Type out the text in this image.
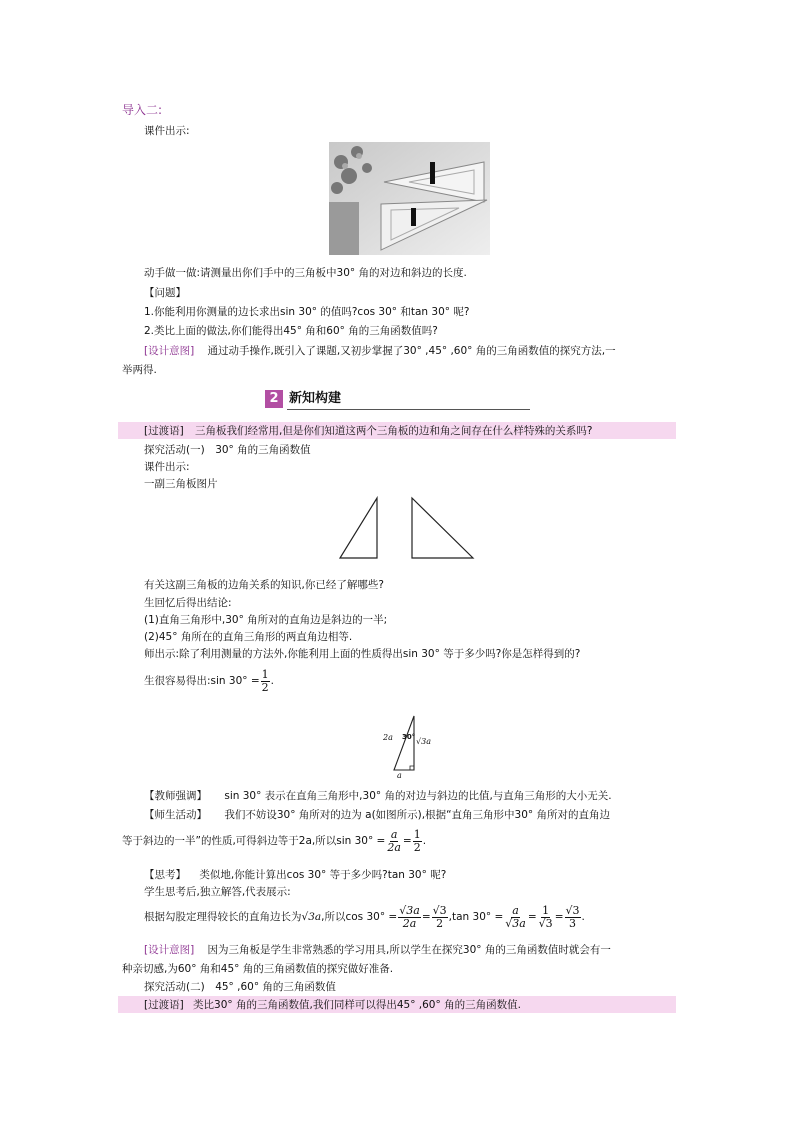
导入二:
课件出示:
动手做一做:请测量出你们手中的三角板中30° 角的对边和斜边的长度.
【问题】
1.你能利用你测量的边长求出sin 30° 的值吗?cos 30° 和tan 30° 呢?
2.类比上面的做法,你们能得出45° 角和60° 角的三角函数值吗?
[设计意图] 通过动手操作,既引入了课题,又初步掌握了30° ,45° ,60° 角的三角函数值的探究方法,一
举两得.
2 新知构建
[过渡语] 三角板我们经常用,但是你们知道这两个三角板的边和角之间存在什么样特殊的关系吗?
探究活动(一)　30° 角的三角函数值
课件出示:
一副三角板图片
有关这副三角板的边角关系的知识,你已经了解哪些?
生回忆后得出结论:
(1)直角三角形中,30° 角所对的直角边是斜边的一半;
(2)45° 角所在的直角三角形的两直角边相等.
师出示:除了利用测量的方法外,你能利用上面的性质得出sin 30° 等于多少吗?你是怎样得到的?
生很容易得出:sin $30^\circ = \frac{1}{2}$ .
2a 30° √3a
a
【教师强调】 sin 30° 表示在直角三角形中,30° 角的对边与斜边的比值,与直角三角形的大小无关.
【师生活动】 我们不妨设30° 角所对的边为 a(如图所示),根据“直角三角形中30° 角所对的直角边
等于斜边的一半”的性质,可得斜边等于2a,所以$\sin 30^\circ = \frac{a}{2a} = \frac{1}{2}$ .
【思考】 类似地,你能计算出cos 30° 等于多少吗?tan 30° 呢?
学生思考后,独立解答,代表展示:
根据勾股定理得较长的直角边长为√3a,所以$\cos 30^\circ = \frac{√3a}{2a} = \frac{√3}{2} ,\tan$ $30^\circ = \frac{a}{√3a} = \frac{1}{√3} = \frac{√3}{3}$ .
[设计意图] 因为三角板是学生非常熟悉的学习用具,所以学生在探究30° 角的三角函数值时就会有一
种亲切感,为60° 角和45° 角的三角函数值的探究做好准备.
探究活动(二)　45° ,60° 角的三角函数值
[过渡语] 类比30° 角的三角函数值,我们同样可以得出45° ,60° 角的三角函数值.
